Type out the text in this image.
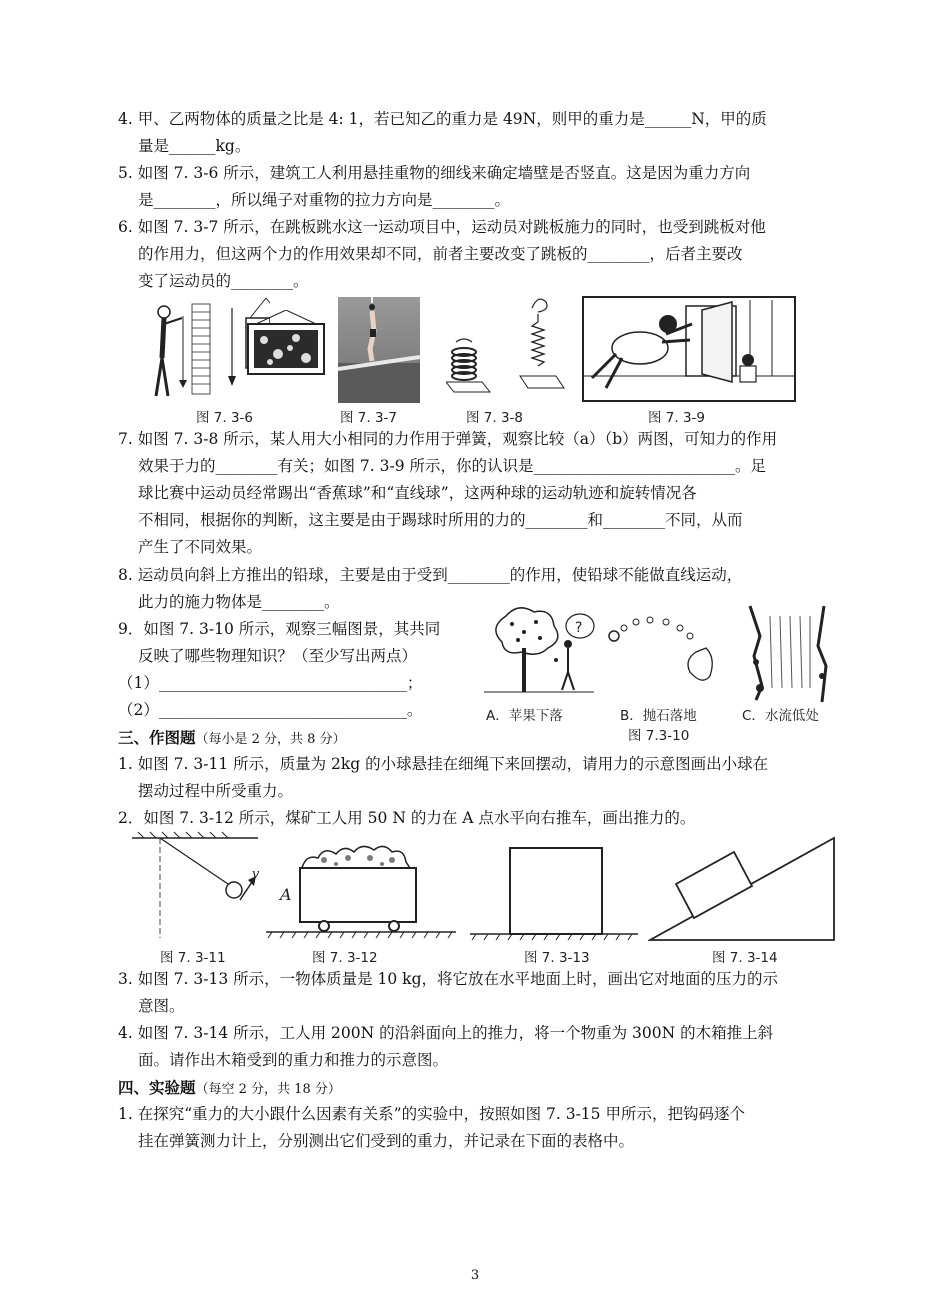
4. 甲、乙两物体的质量之比是 4: 1，若已知乙的重力是 49N，则甲的重力是______N，甲的质
量是______kg。
5. 如图 7. 3-6 所示，建筑工人利用悬挂重物的细线来确定墙壁是否竖直。这是因为重力方向
是________，所以绳子对重物的拉力方向是________。
6. 如图 7. 3-7 所示，在跳板跳水这一运动项目中，运动员对跳板施力的同时，也受到跳板对他
的作用力，但这两个力的作用效果却不同，前者主要改变了跳板的________，后者主要改
变了运动员的________。
图 7. 3-6	图 7. 3-7	图 7. 3-8	图 7. 3-9
7. 如图 7. 3-8 所示，某人用大小相同的力作用于弹簧，观察比较（a）（b）两图，可知力的作用
效果于力的________有关；如图 7. 3-9 所示，你的认识是__________________________。足
球比赛中运动员经常踢出“香蕉球”和“直线球”，这两种球的运动轨迹和旋转情况各
不相同，根据你的判断，这主要是由于踢球时所用的力的________和________不同，从而
产生了不同效果。
8. 运动员向斜上方推出的铅球，主要是由于受到________的作用，使铅球不能做直线运动，
此力的施力物体是________。
9．如图 7. 3-10 所示，观察三幅图景，其共同
反映了哪些物理知识？（至少写出两点）
（1）________________________________；
（2）________________________________。
?
A．苹果下落	B．抛石落地	C．水流低处
图 7.3-10
三、作图题（每小是 2 分，共 8 分）
1. 如图 7. 3-11 所示，质量为 2kg 的小球悬挂在细绳下来回摆动，请用力的示意图画出小球在
摆动过程中所受重力。
2．如图 7. 3-12 所示，煤矿工人用 50 N 的力在 A 点水平向右推车，画出推力的。
v
A
图 7. 3-11	图 7. 3-12	图 7. 3-13	图 7. 3-14
3. 如图 7. 3-13 所示，一物体质量是 10 kg，将它放在水平地面上时，画出它对地面的压力的示
意图。
4. 如图 7. 3-14 所示，工人用 200N 的沿斜面向上的推力，将一个物重为 300N 的木箱推上斜
面。请作出木箱受到的重力和推力的示意图。
四、实验题（每空 2 分，共 18 分）
1. 在探究“重力的大小跟什么因素有关系”的实验中，按照如图 7. 3-15 甲所示，把钩码逐个
挂在弹簧测力计上，分别测出它们受到的重力，并记录在下面的表格中。
3
